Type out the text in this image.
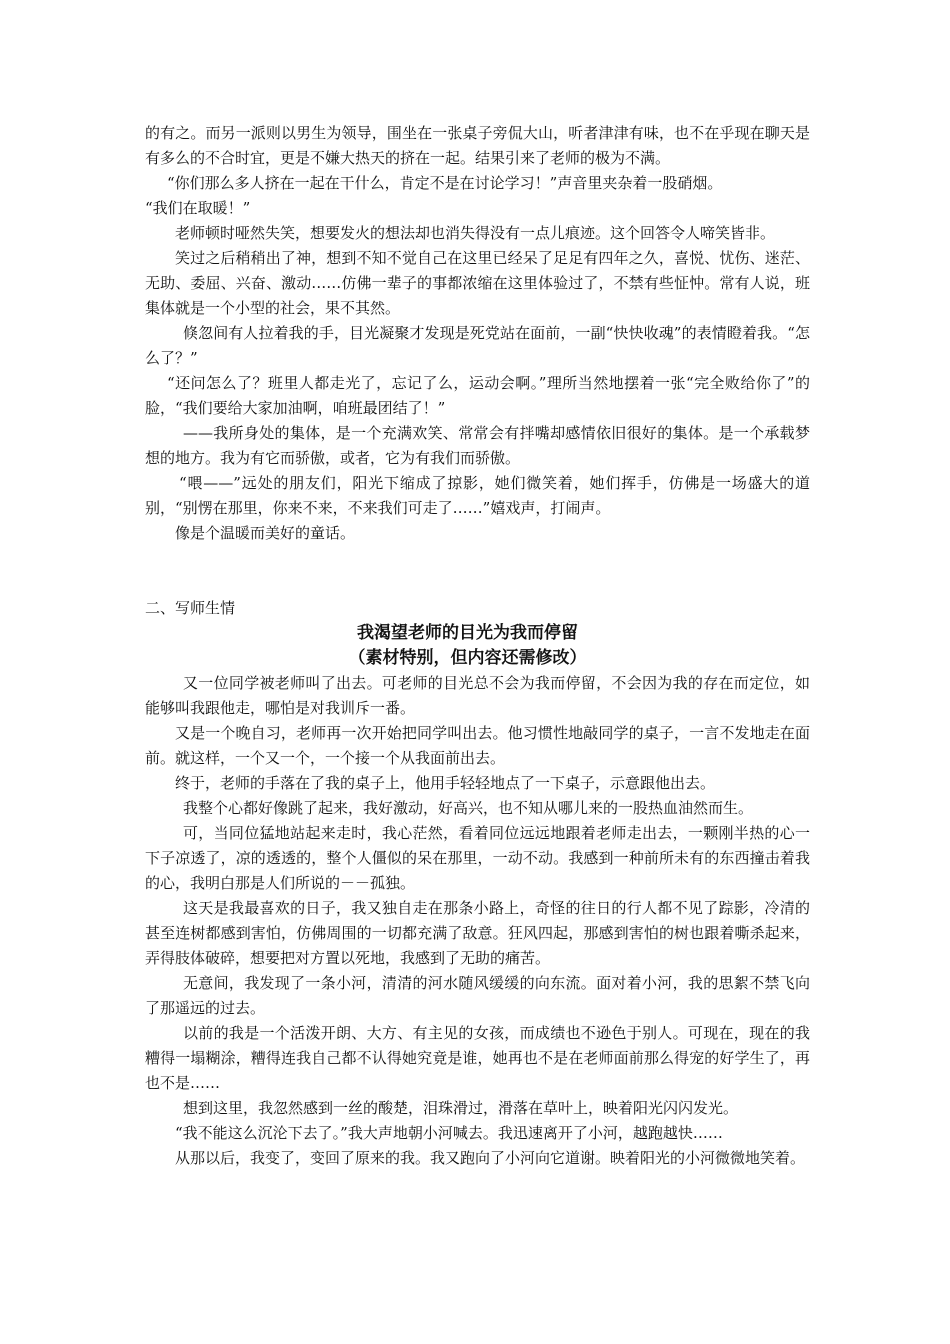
的有之。而另一派则以男生为领导，围坐在一张桌子旁侃大山，听者津津有味，也不在乎现在聊天是有多么的不合时宜，更是不嫌大热天的挤在一起。结果引来了老师的极为不满。

“你们那么多人挤在一起在干什么，肯定不是在讨论学习！”声音里夹杂着一股硝烟。

“我们在取暖！”

老师顿时哑然失笑，想要发火的想法却也消失得没有一点儿痕迹。这个回答令人啼笑皆非。

笑过之后稍稍出了神，想到不知不觉自己在这里已经呆了足足有四年之久，喜悦、忧伤、迷茫、无助、委屈、兴奋、激动……仿佛一辈子的事都浓缩在这里体验过了，不禁有些怔忡。常有人说，班集体就是一个小型的社会，果不其然。

倏忽间有人拉着我的手，目光凝聚才发现是死党站在面前，一副“快快收魂”的表情瞪着我。“怎么了？”

“还问怎么了？班里人都走光了，忘记了么，运动会啊。”理所当然地摆着一张“完全败给你了”的脸，“我们要给大家加油啊，咱班最团结了！”

——我所身处的集体，是一个充满欢笑、常常会有拌嘴却感情依旧很好的集体。是一个承载梦想的地方。我为有它而骄傲，或者，它为有我们而骄傲。

“喂——”远处的朋友们，阳光下缩成了掠影，她们微笑着，她们挥手，仿佛是一场盛大的道别，“别愣在那里，你来不来，不来我们可走了……”嬉戏声，打闹声。

像是个温暖而美好的童话。

二、写师生情

我渴望老师的目光为我而停留

（素材特别，但内容还需修改）

又一位同学被老师叫了出去。可老师的目光总不会为我而停留，不会因为我的存在而定位，如能够叫我跟他走，哪怕是对我训斥一番。

又是一个晚自习，老师再一次开始把同学叫出去。他习惯性地敲同学的桌子，一言不发地走在面前。就这样，一个又一个，一个接一个从我面前出去。

终于，老师的手落在了我的桌子上，他用手轻轻地点了一下桌子，示意跟他出去。

我整个心都好像跳了起来，我好激动，好高兴，也不知从哪儿来的一股热血油然而生。

可，当同位猛地站起来走时，我心茫然，看着同位远远地跟着老师走出去，一颗刚半热的心一下子凉透了，凉的透透的，整个人僵似的呆在那里，一动不动。我感到一种前所未有的东西撞击着我的心，我明白那是人们所说的－－孤独。

这天是我最喜欢的日子，我又独自走在那条小路上，奇怪的往日的行人都不见了踪影，冷清的甚至连树都感到害怕，仿佛周围的一切都充满了敌意。狂风四起，那感到害怕的树也跟着嘶杀起来，弄得肢体破碎，想要把对方置以死地，我感到了无助的痛苦。

无意间，我发现了一条小河，清清的河水随风缓缓的向东流。面对着小河，我的思絮不禁飞向了那遥远的过去。

以前的我是一个活泼开朗、大方、有主见的女孩，而成绩也不逊色于别人。可现在，现在的我糟得一塌糊涂，糟得连我自己都不认得她究竟是谁，她再也不是在老师面前那么得宠的好学生了，再也不是……

想到这里，我忽然感到一丝的酸楚，泪珠滑过，滑落在草叶上，映着阳光闪闪发光。

“我不能这么沉沦下去了。”我大声地朝小河喊去。我迅速离开了小河，越跑越快……

从那以后，我变了，变回了原来的我。我又跑向了小河向它道谢。映着阳光的小河微微地笑着。
